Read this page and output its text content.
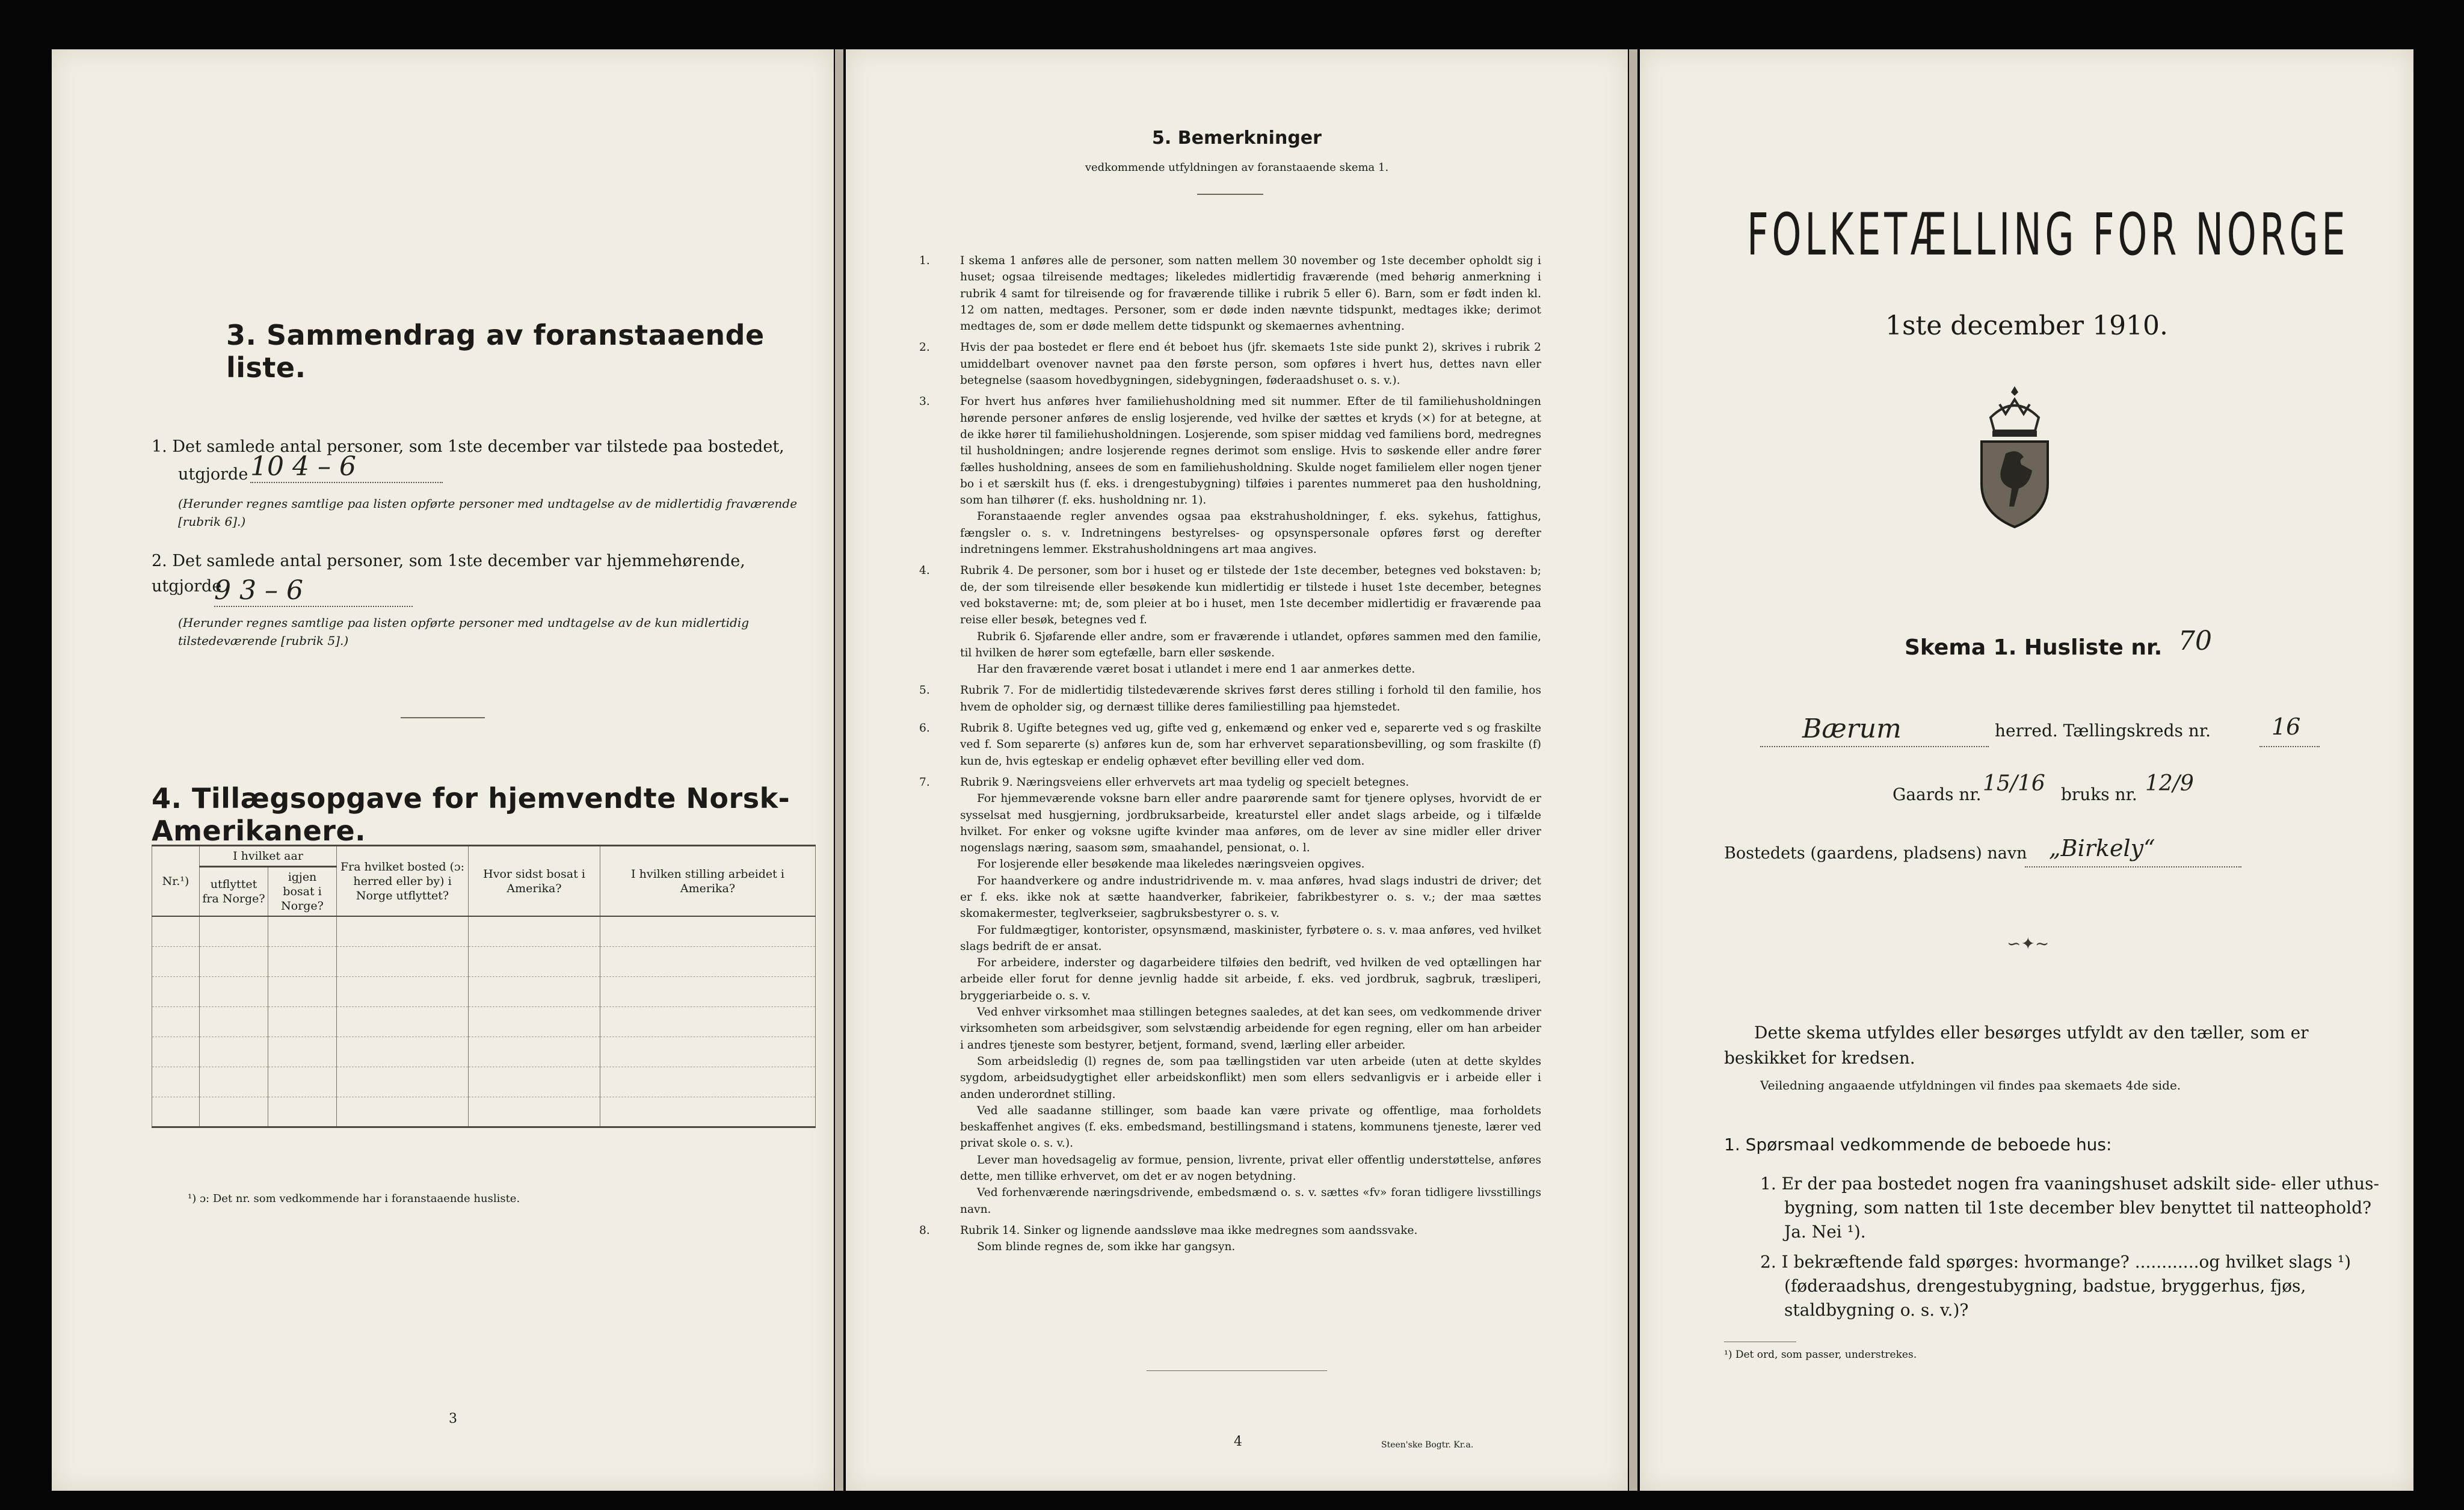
3. Sammendrag av foranstaaende liste.
1. Det samlede antal personer, som 1ste december var tilstede paa bostedet,
utgjorde 10 4 – 6
(Herunder regnes samtlige paa listen opførte personer med undtagelse av de midlertidig fraværende [rubrik 6].)
2. Det samlede antal personer, som 1ste december var hjemmehørende, utgjorde
9 3 – 6
(Herunder regnes samtlige paa listen opførte personer med undtagelse av de kun midlertidig tilstedeværende [rubrik 5].)
4. Tillægsopgave for hjemvendte Norsk-Amerikanere.
Nr.¹)	I hvilket aar		Fra hvilket bosted (ɔ: herred eller by) i Norge utflyttet?	Hvor sidst bosat i Amerika?	I hvilken stilling arbeidet i Amerika?
	utflyttet fra Norge?	igjen bosat i Norge?			

¹) ɔ: Det nr. som vedkommende har i foranstaaende husliste.
3
5. Bemerkninger
vedkommende utfyldningen av foranstaaende skema 1.

1.	I skema 1 anføres alle de personer, som natten mellem 30 november og 1ste december opholdt sig i huset; ogsaa tilreisende medtages; likeledes midlertidig fraværende (med behørig anmerkning i rubrik 4 samt for tilreisende og for fraværende tillike i rubrik 5 eller 6). Barn, som er født inden kl. 12 om natten, medtages. Personer, som er døde inden nævnte tidspunkt, medtages ikke; derimot medtages de, som er døde mellem dette tidspunkt og skemaernes avhentning.

2.	Hvis der paa bostedet er flere end ét beboet hus (jfr. skemaets 1ste side punkt 2), skrives i rubrik 2 umiddelbart ovenover navnet paa den første person, som opføres i hvert hus, dettes navn eller betegnelse (saasom hovedbygningen, sidebygningen, føderaadshuset o. s. v.).

3.	For hvert hus anføres hver familiehusholdning med sit nummer. Efter de til familiehusholdningen hørende personer anføres de enslig losjerende, ved hvilke der sættes et kryds (×) for at betegne, at de ikke hører til familiehusholdningen. Losjerende, som spiser middag ved familiens bord, medregnes til husholdningen; andre losjerende regnes derimot som enslige. Hvis to søskende eller andre fører fælles husholdning, ansees de som en familiehusholdning. Skulde noget familielem eller nogen tjener bo i et særskilt hus (f. eks. i drengestubygning) tilføies i parentes nummeret paa den husholdning, som han tilhører (f. eks. husholdning nr. 1).

Foranstaaende regler anvendes ogsaa paa ekstrahusholdninger, f. eks. sykehus, fattighus, fængsler o. s. v. Indretningens bestyrelses- og opsynspersonale opføres først og derefter indretningens lemmer. Ekstrahusholdningens art maa angives.

4.	Rubrik 4. De personer, som bor i huset og er tilstede der 1ste december, betegnes ved bokstaven: b; de, der som tilreisende eller besøkende kun midlertidig er tilstede i huset 1ste december, betegnes ved bokstaverne: mt; de, som pleier at bo i huset, men 1ste december midlertidig er fraværende paa reise eller besøk, betegnes ved f.

Rubrik 6. Sjøfarende eller andre, som er fraværende i utlandet, opføres sammen med den familie, til hvilken de hører som egtefælle, barn eller søskende.

Har den fraværende været bosat i utlandet i mere end 1 aar anmerkes dette.

5.	Rubrik 7. For de midlertidig tilstedeværende skrives først deres stilling i forhold til den familie, hos hvem de opholder sig, og dernæst tillike deres familiestilling paa hjemstedet.

6.	Rubrik 8. Ugifte betegnes ved ug, gifte ved g, enkemænd og enker ved e, separerte ved s og fraskilte ved f. Som separerte (s) anføres kun de, som har erhvervet separationsbevilling, og som fraskilte (f) kun de, hvis egteskap er endelig ophævet efter bevilling eller ved dom.

7.	Rubrik 9. Næringsveiens eller erhvervets art maa tydelig og specielt betegnes.

For hjemmeværende voksne barn eller andre paarørende samt for tjenere oplyses, hvorvidt de er sysselsat med husgjerning, jordbruksarbeide, kreaturstel eller andet slags arbeide, og i tilfælde hvilket. For enker og voksne ugifte kvinder maa anføres, om de lever av sine midler eller driver nogenslags næring, saasom søm, smaahandel, pensionat, o. l.

For losjerende eller besøkende maa likeledes næringsveien opgives.

For haandverkere og andre industridrivende m. v. maa anføres, hvad slags industri de driver; det er f. eks. ikke nok at sætte haandverker, fabrikeier, fabrikbestyrer o. s. v.; der maa sættes skomakermester, teglverkseier, sagbruksbestyrer o. s. v.

For fuldmægtiger, kontorister, opsynsmænd, maskinister, fyrbøtere o. s. v. maa anføres, ved hvilket slags bedrift de er ansat.

For arbeidere, inderster og dagarbeidere tilføies den bedrift, ved hvilken de ved optællingen har arbeide eller forut for denne jevnlig hadde sit arbeide, f. eks. ved jordbruk, sagbruk, træsliperi, bryggeriarbeide o. s. v.

Ved enhver virksomhet maa stillingen betegnes saaledes, at det kan sees, om vedkommende driver virksomheten som arbeidsgiver, som selvstændig arbeidende for egen regning, eller om han arbeider i andres tjeneste som bestyrer, betjent, formand, svend, lærling eller arbeider.

Som arbeidsledig (l) regnes de, som paa tællingstiden var uten arbeide (uten at dette skyldes sygdom, arbeidsudygtighet eller arbeidskonflikt) men som ellers sedvanligvis er i arbeide eller i anden underordnet stilling.

Ved alle saadanne stillinger, som baade kan være private og offentlige, maa forholdets beskaffenhet angives (f. eks. embedsmand, bestillingsmand i statens, kommunens tjeneste, lærer ved privat skole o. s. v.).

Lever man hovedsagelig av formue, pension, livrente, privat eller offentlig understøttelse, anføres dette, men tillike erhvervet, om det er av nogen betydning.

Ved forhenværende næringsdrivende, embedsmænd o. s. v. sættes «fv» foran tidligere livsstillings navn.

8.	Rubrik 14. Sinker og lignende aandssløve maa ikke medregnes som aandssvake.

Som blinde regnes de, som ikke har gangsyn.

4	Steen'ske Bogtr. Kr.a.
FOLKETÆLLING FOR NORGE
1ste december 1910.
Skema 1. Husliste nr. 70
Bærum	herred. Tællingskreds nr.	16
Gaards nr. 15/16 bruks nr. 12/9
Bostedets (gaardens, pladsens) navn „Birkely“
∽✦∼
Dette skema utfyldes eller besørges utfyldt av den tæller, som er beskikket for kredsen.
Veiledning angaaende utfyldningen vil findes paa skemaets 4de side.
1. Spørsmaal vedkommende de beboede hus:
1. Er der paa bostedet nogen fra vaaningshuset adskilt side- eller uthus-bygning, som natten til 1ste december blev benyttet til natteophold? Ja. Nei ¹).
2. I bekræftende fald spørges: hvormange? ............og hvilket slags ¹) (føderaadshus, drengestubygning, badstue, bryggerhus, fjøs, staldbygning o. s. v.)?
¹) Det ord, som passer, understrekes.
